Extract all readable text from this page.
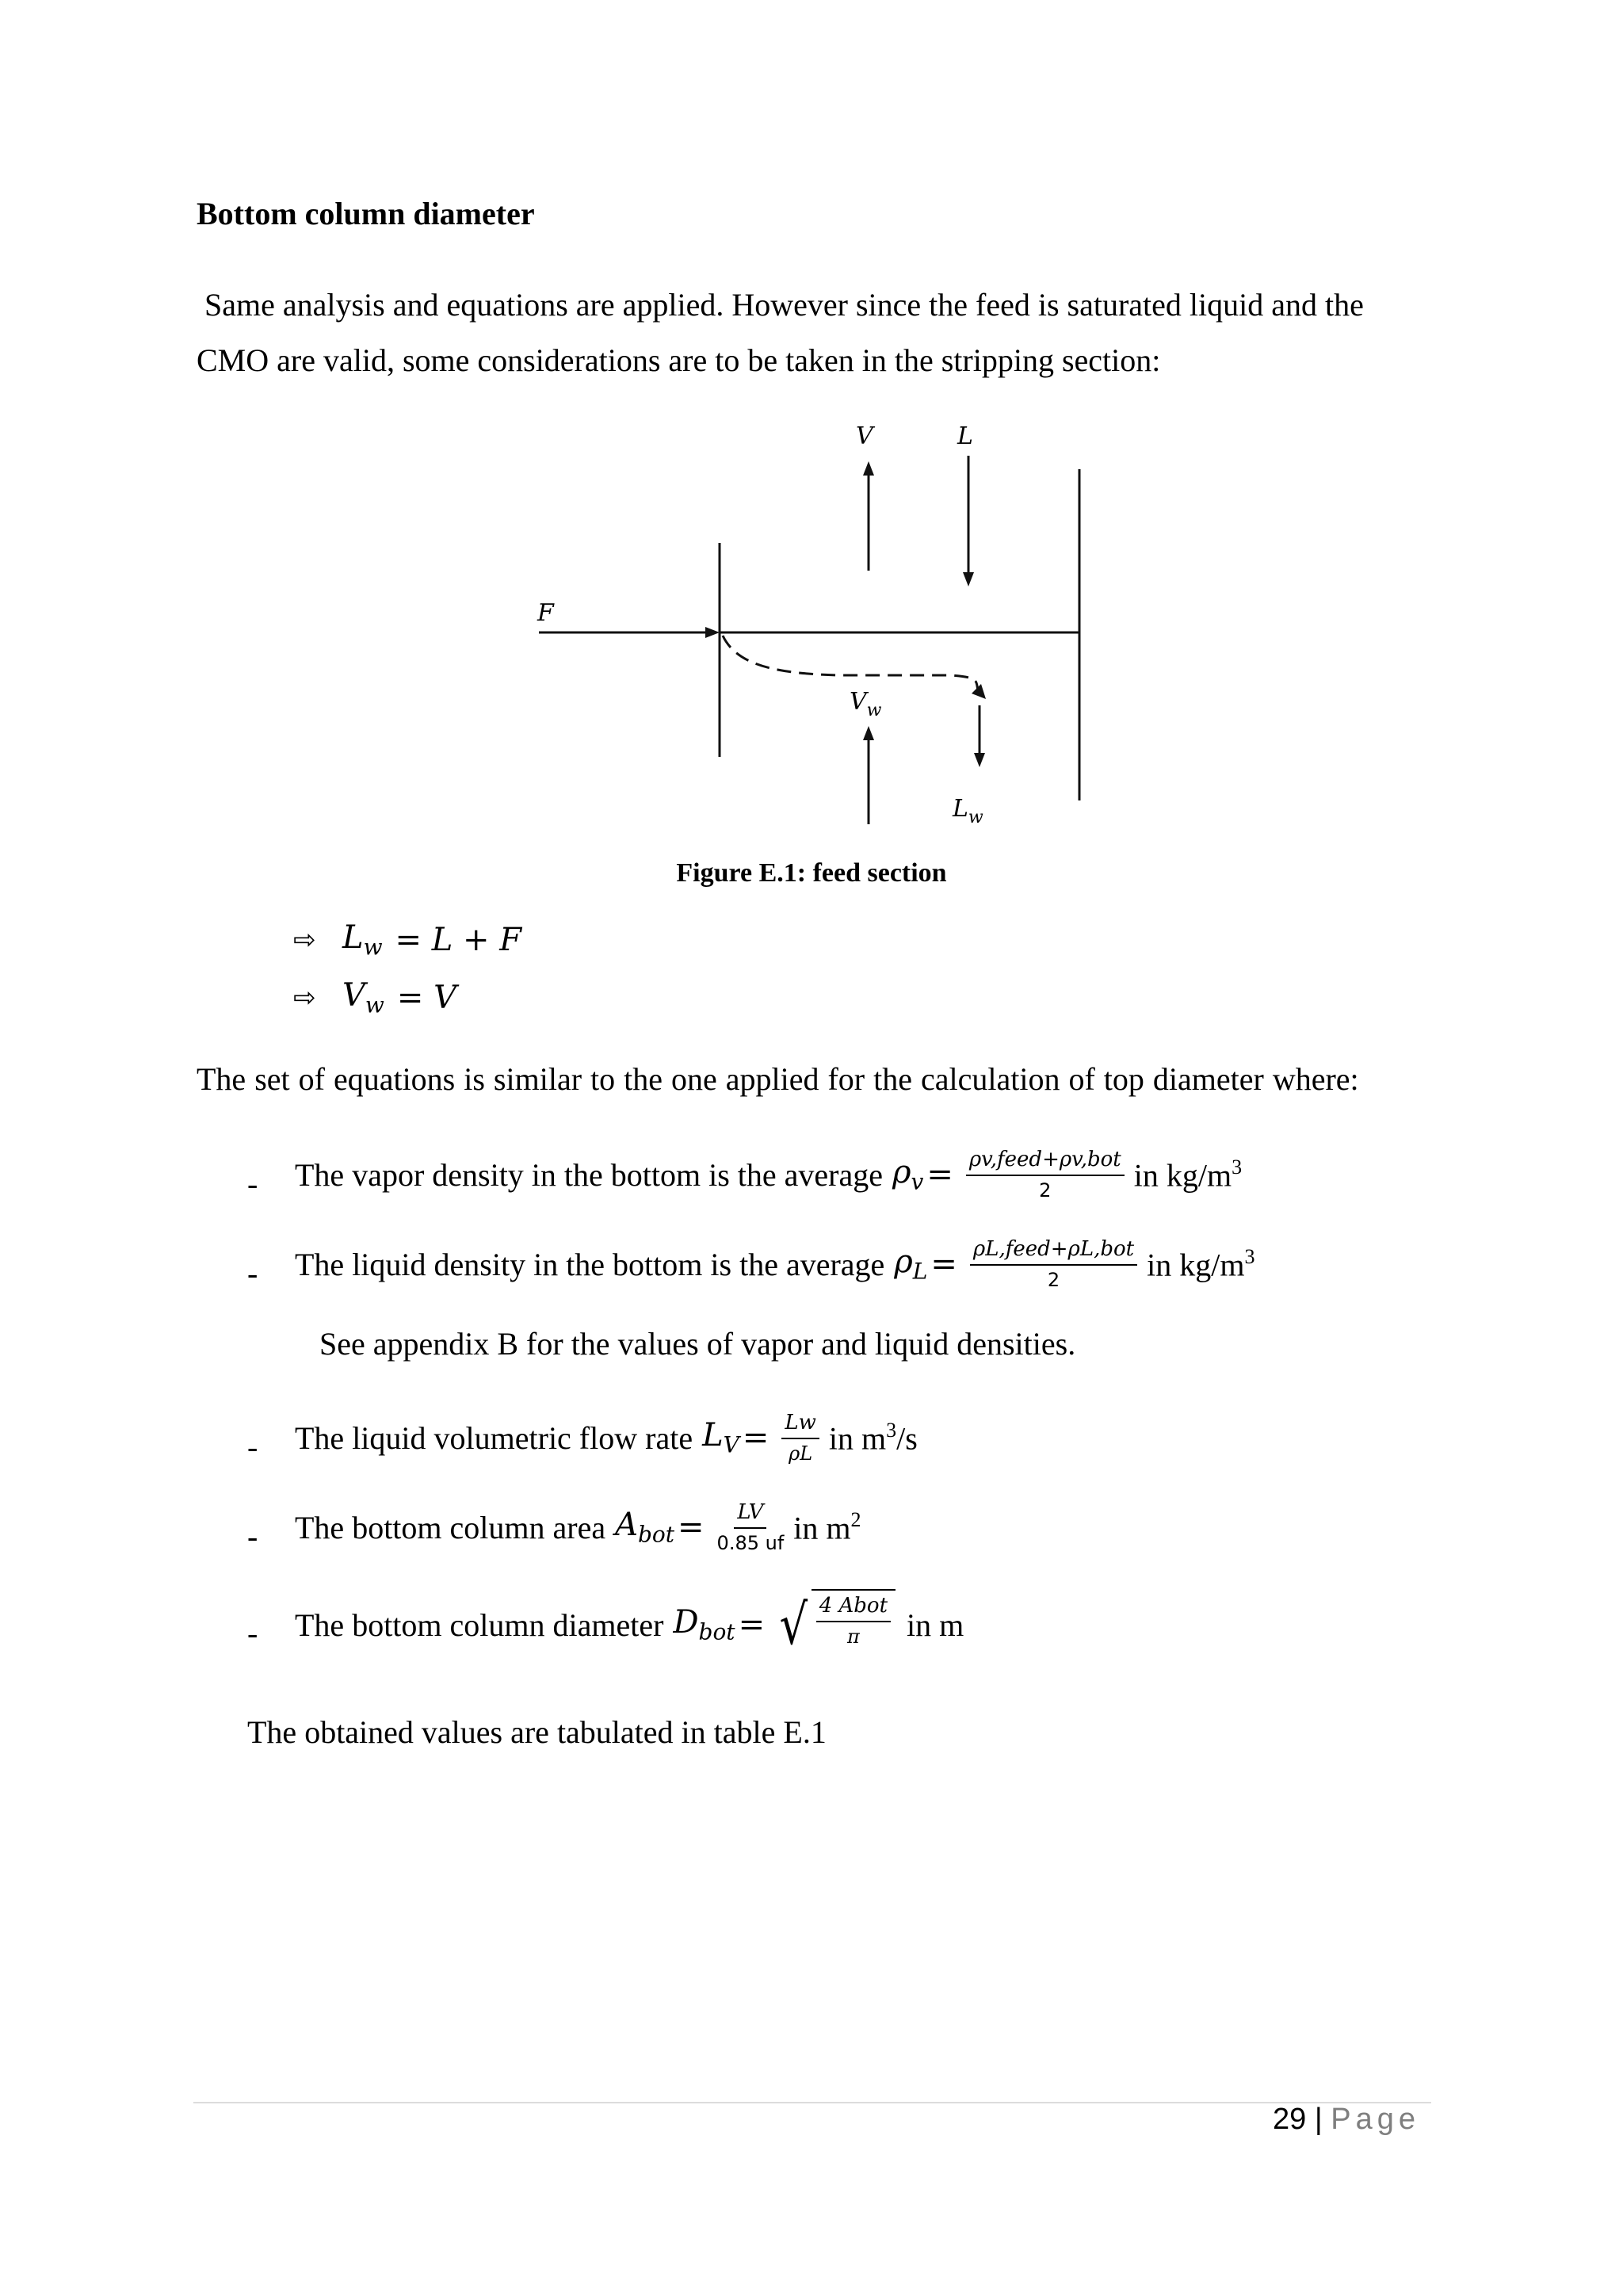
Bottom column diameter
Same analysis and equations are applied. However since the feed is saturated liquid and the
CMO are valid, some considerations are to be taken in the stripping section:
V	L
F
$V_w$
$L_w$
Figure E.1: feed section
⇨ $L_w = L + F$
⇨ $V_w = V$
The set of equations is similar to the one applied for the calculation of top diameter where:
- The vapor density in the bottom is the average $\rho_v = \frac{\text{ρv,feed+ρv,bot}}{2}$ in $kg/m^3$
- The liquid density in the bottom is the average $\rho_L = \frac{\text{ρL,feed+ρL,bot}}{2}$ in $kg/m^3$
See appendix B for the values of vapor and liquid densities.
- The liquid volumetric flow rate $L_V = \frac{Lw}{\rho L}$ in $m^3/s$
- The bottom column area $A_{bot} = \frac{LV}{0.85 uf}$ in $m^2$
- The bottom column diameter $D_{bot}$ = √ $\frac{\text{4 Abot}}{\pi}$ in m
The obtained values are tabulated in table E.1
29 | Page
